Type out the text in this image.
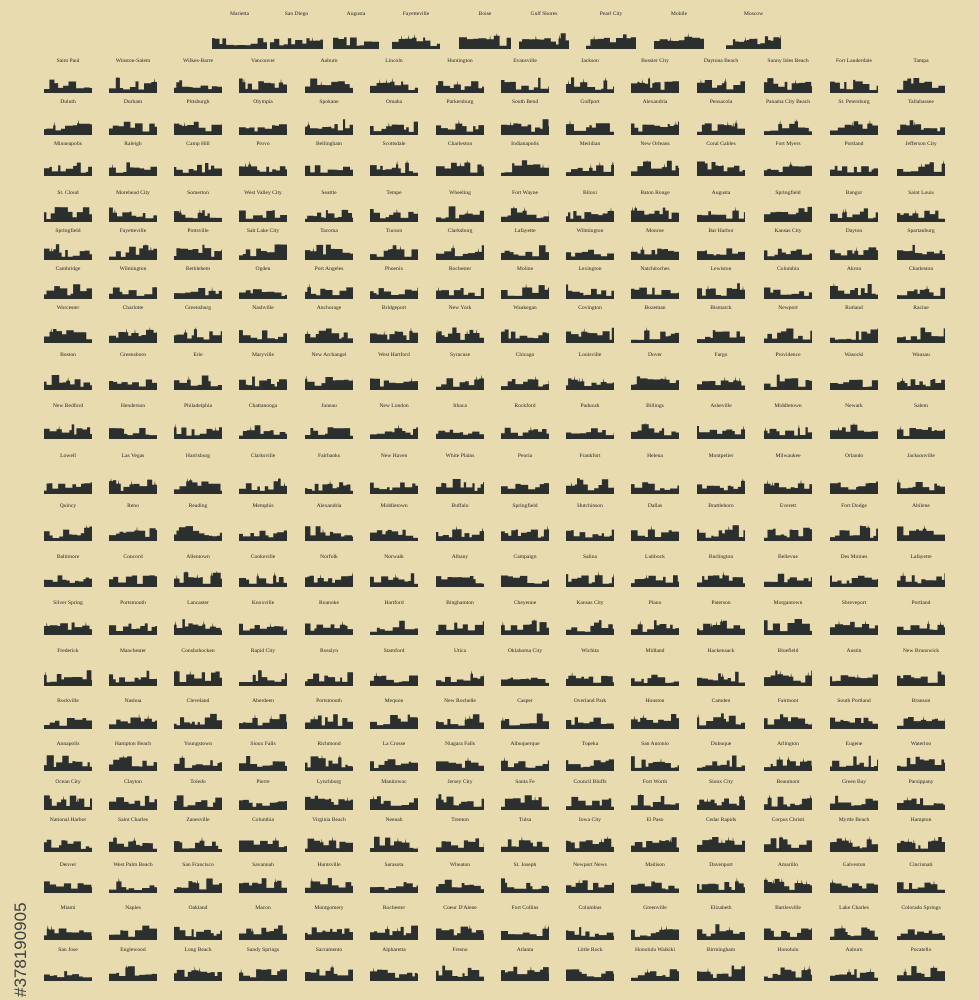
Marietta	San Diego	Augusta	Fayetteville	Boise	Gulf Shores	Pearl City	Mobile	Moscow
Saint Paul	Winston-Salem	Wilkes-Barre	Vancouver	Auburn	Lincoln	Huntington	Evansville	Jackson	Bossier City	Daytona Beach	Sunny Isles Beach	Fort Lauderdale	Tampa
Duluth	Durham	Pittsburgh	Olympia	Spokane	Omaha	Parkersburg	South Bend	Gulfport	Alexandria	Pensacola	Panama City Beach	St. Petersburg	Tallahassee
Minneapolis	Raleigh	Camp Hill	Provo	Bellingham	Scottsdale	Charleston	Indianapolis	Meridian	New Orleans	Coral Gables	Fort Myers	Portland	Jefferson City
St. Cloud	Morehead City	Somerton	West Valley City	Seattle	Tempe	Wheeling	Fort Wayne	Biloxi	Baton Rouge	Augusta	Springfield	Bangor	Saint Louis
Springfield	Fayetteville	Pottsville	Salt Lake City	Tacoma	Tucson	Clarksburg	Lafayette	Wilmington	Monroe	Bar Harbor	Kansas City	Dayton	Spartanburg
Cambridge	Wilmington	Bethlehem	Ogden	Port Angeles	Phoenix	Rochester	Moline	Lexington	Natchitoches	Lewiston	Columbia	Akron	Charleston
Worcester	Charlotte	Greensburg	Nashville	Anchorage	Bridgeport	New York	Waukegan	Covington	Bozeman	Bismarck	Newport	Rutland	Racine
Boston	Greensboro	Erie	Maryville	New Archangel	West Hartford	Syracuse	Chicago	Louisville	Dover	Fargo	Providence	Wasocki	Wausau
New Bedford	Henderson	Philadelphia	Chattanooga	Juneau	New London	Ithaca	Rockford	Paducah	Billings	Asheville	Middletown	Newark	Salem
Lowell	Las Vegas	Harrisburg	Clarksville	Fairbanks	New Haven	White Plains	Peoria	Frankfort	Helena	Montpelier	Milwaukee	Orlando	Jacksonville
Quincy	Reno	Reading	Memphis	Alexandria	Middletown	Buffalo	Springfield	Hutchinson	Dallas	Brattleboro	Everett	Fort Dodge	Abilene
Baltimore	Concord	Allentown	Cookeville	Norfolk	Norwalk	Albany	Campaign	Salina	Lubbock	Burlington	Bellevue	Des Moines	Lafayette
Silver Spring	Portsmouth	Lancaster	Knoxville	Roanoke	Hartford	Binghamton	Cheyenne	Kansas City	Plano	Paterson	Morgantown	Shreveport	Portland
Frederick	Manchester	Conshohocken	Rapid City	Rosslyn	Stamford	Utica	Oklahoma City	Wichita	Midland	Hackensack	Bluefield	Austin	New Brunswick
Rockville	Nashua	Cleveland	Aberdeen	Portsmouth	Mequon	New Rochelle	Casper	Overland Park	Houston	Camden	Fairmont	South Portland	Branson
Annapolis	Hampton Beach	Youngstown	Sioux Falls	Richmond	La Crosse	Niagara Falls	Albuquerque	Topeka	San Antonio	Dubuque	Arlington	Eugene	Waterloo
Ocean City	Clayton	Toledo	Pierre	Lynchburg	Manitowoc	Jersey City	Santa Fe	Council Bluffs	Fort Worth	Sioux City	Beaumont	Green Bay	Parsippany
National Harbor	Saint Charles	Zanesville	Columbia	Virginia Beach	Neenah	Trenton	Tulsa	Iowa City	El Paso	Cedar Rapids	Corpus Christi	Myrtle Beach	Hampton
Denver	West Palm Beach	San Francisco	Savannah	Huntsville	Sarasota	Wheaton	St. Joseph	Newport News	Madison	Davenport	Amarillo	Galveston	Cincinnati
Miami	Naples	Oakland	Macon	Montgomery	Rochester	Coeur D'Alene	Fort Collins	Columbus	Greenville	Elizabeth	Bartlesville	Lake Charles	Colorado Springs
San Jose	Englewood	Long Beach	Sandy Springs	Sacramento	Alpharetta	Fresno	Atlanta	Little Rock	Honolulu Waikiki	Birmingham	Honolulu	Auburn	Pocatello
#378190905
